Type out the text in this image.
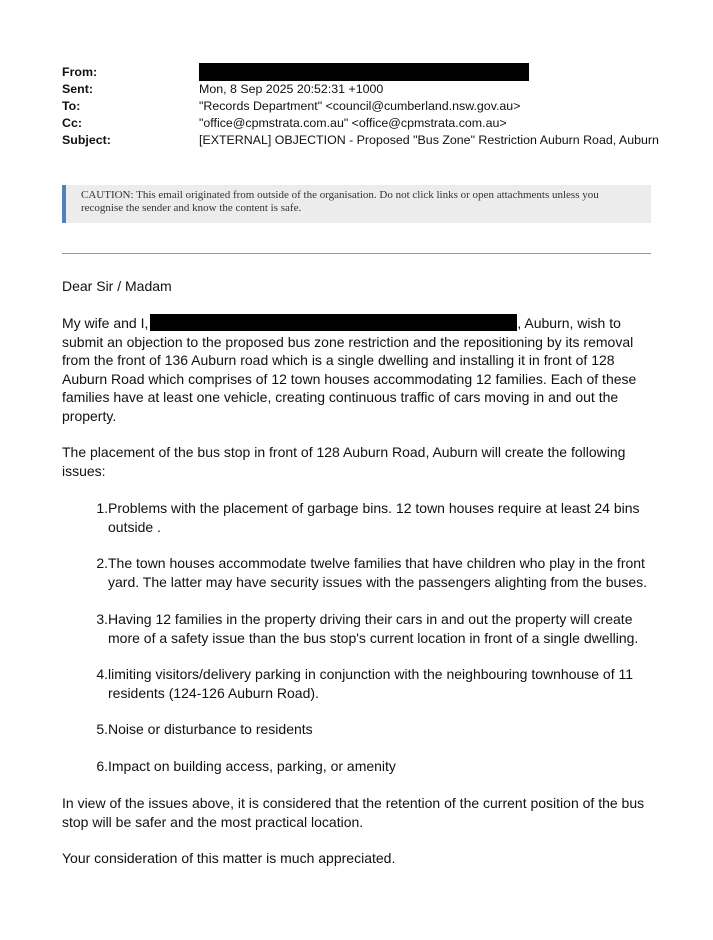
From:
Sent:	Mon, 8 Sep 2025 20:52:31 +1000
To:	"Records Department" <council@cumberland.nsw.gov.au>
Cc:	"office@cpmstrata.com.au" <office@cpmstrata.com.au>
Subject:	[EXTERNAL] OBJECTION - Proposed "Bus Zone" Restriction Auburn Road, Auburn
CAUTION: This email originated from outside of the organisation. Do not click links or open attachments unless you
recognise the sender and know the content is safe.
Dear Sir / Madam
My wife and I,	, Auburn, wish to
submit an objection to the proposed bus zone restriction and the repositioning by its removal
from the front of 136 Auburn road which is a single dwelling and installing it in front of 128
Auburn Road which comprises of 12 town houses accommodating 12 families. Each of these
families have at least one vehicle, creating continuous traffic of cars moving in and out the
property.
The placement of the bus stop in front of 128 Auburn Road, Auburn will create the following
issues:
1. Problems with the placement of garbage bins. 12 town houses require at least 24 bins
outside .
2. The town houses accommodate twelve families that have children who play in the front
yard. The latter may have security issues with the passengers alighting from the buses.
3. Having 12 families in the property driving their cars in and out the property will create
more of a safety issue than the bus stop's current location in front of a single dwelling.
4. limiting visitors/delivery parking in conjunction with the neighbouring townhouse of 11
residents (124-126 Auburn Road).
5. Noise or disturbance to residents
6. Impact on building access, parking, or amenity
In view of the issues above, it is considered that the retention of the current position of the bus
stop will be safer and the most practical location.
Your consideration of this matter is much appreciated.
